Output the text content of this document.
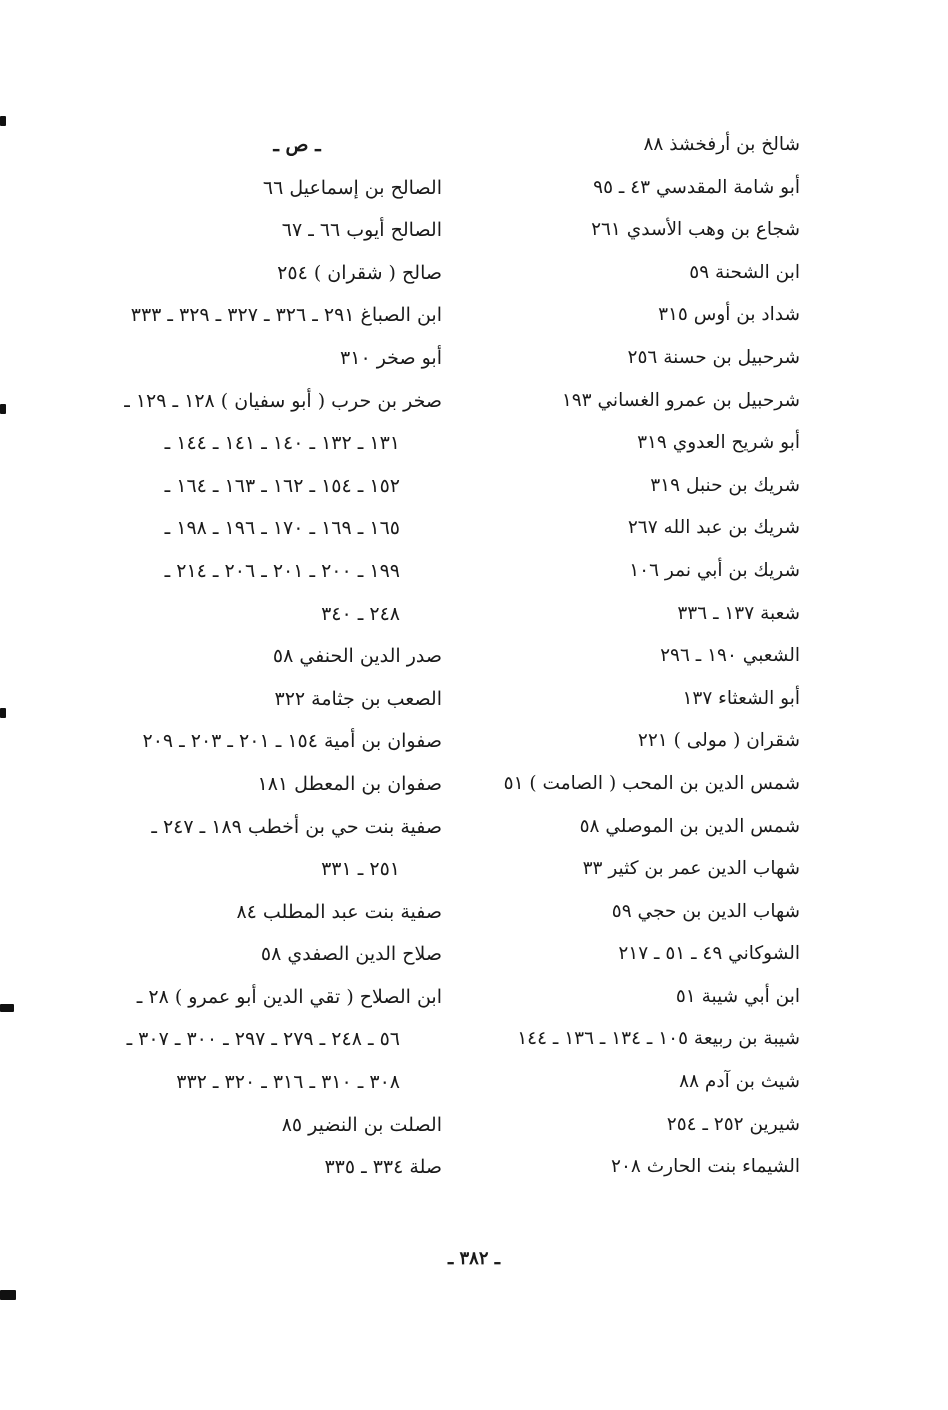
شالخ بن أرفخشذ ٨٨
أبو شامة المقدسي ٤٣ ـ ٩٥
شجاع بن وهب الأسدي ٢٦١
ابن الشحنة ٥٩
شداد بن أوس ٣١٥
شرحبيل بن حسنة ٢٥٦
شرحبيل بن عمرو الغساني ١٩٣
أبو شريح العدوي ٣١٩
شريك بن حنبل ٣١٩
شريك بن عبد الله ٢٦٧
شريك بن أبي نمر ١٠٦
شعبة ١٣٧ ـ ٣٣٦
الشعبي ١٩٠ ـ ٢٩٦
أبو الشعثاء ١٣٧
شقران ( مولى ) ٢٢١
شمس الدين بن المحب ( الصامت ) ٥١
شمس الدين بن الموصلي ٥٨
شهاب الدين عمر بن كثير ٣٣
شهاب الدين بن حجي ٥٩
الشوكاني ٤٩ ـ ٥١ ـ ٢١٧
ابن أبي شيبة ٥١
شيبة بن ربيعة ١٠٥ ـ ١٣٤ ـ ١٣٦ ـ ١٤٤
شيث بن آدم ٨٨
شيرين ٢٥٢ ـ ٢٥٤
الشيماء بنت الحارث ٢٠٨
ـ ص ـ
الصالح بن إسماعيل ٦٦
الصالح أيوب ٦٦ ـ ٦٧
صالح ( شقران ) ٢٥٤
ابن الصباغ ٢٩١ ـ ٣٢٦ ـ ٣٢٧ ـ ٣٢٩ ـ ٣٣٣
أبو صخر ٣١٠
صخر بن حرب ( أبو سفيان ) ١٢٨ ـ ١٢٩ ـ
١٣١ ـ ١٣٢ ـ ١٤٠ ـ ١٤١ ـ ١٤٤ ـ
١٥٢ ـ ١٥٤ ـ ١٦٢ ـ ١٦٣ ـ ١٦٤ ـ
١٦٥ ـ ١٦٩ ـ ١٧٠ ـ ١٩٦ ـ ١٩٨ ـ
١٩٩ ـ ٢٠٠ ـ ٢٠١ ـ ٢٠٦ ـ ٢١٤ ـ
٢٤٨ ـ ٣٤٠
صدر الدين الحنفي ٥٨
الصعب بن جثامة ٣٢٢
صفوان بن أمية ١٥٤ ـ ٢٠١ ـ ٢٠٣ ـ ٢٠٩
صفوان بن المعطل ١٨١
صفية بنت حي بن أخطب ١٨٩ ـ ٢٤٧ ـ
٢٥١ ـ ٣٣١
صفية بنت عبد المطلب ٨٤
صلاح الدين الصفدي ٥٨
ابن الصلاح ( تقي الدين أبو عمرو ) ٢٨ ـ
٥٦ ـ ٢٤٨ ـ ٢٧٩ ـ ٢٩٧ ـ ٣٠٠ ـ ٣٠٧ ـ
٣٠٨ ـ ٣١٠ ـ ٣١٦ ـ ٣٢٠ ـ ٣٣٢
الصلت بن النضير ٨٥
صلة ٣٣٤ ـ ٣٣٥
ـ ٣٨٢ ـ
